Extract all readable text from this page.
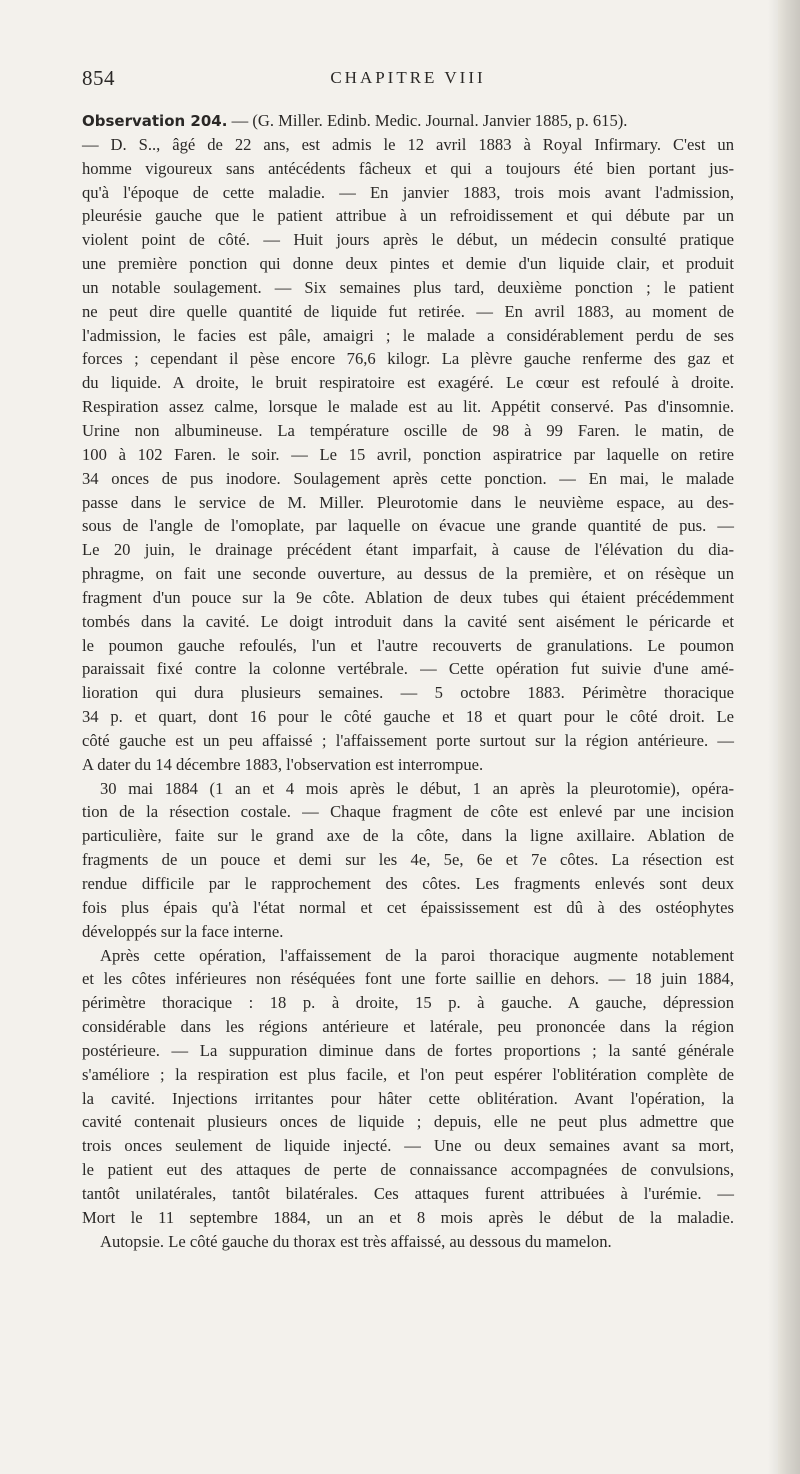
854	CHAPITRE VIII
Observation 204. — (G. Miller. Edinb. Medic. Journal. Janvier 1885, p. 615).
— D. S.., âgé de 22 ans, est admis le 12 avril 1883 à Royal Infirmary. C'est un
homme vigoureux sans antécédents fâcheux et qui a toujours été bien portant jus-
qu'à l'époque de cette maladie. — En janvier 1883, trois mois avant l'admission,
pleurésie gauche que le patient attribue à un refroidissement et qui débute par un
violent point de côté. — Huit jours après le début, un médecin consulté pratique
une première ponction qui donne deux pintes et demie d'un liquide clair, et produit
un notable soulagement. — Six semaines plus tard, deuxième ponction ; le patient
ne peut dire quelle quantité de liquide fut retirée. — En avril 1883, au moment de
l'admission, le facies est pâle, amaigri ; le malade a considérablement perdu de ses
forces ; cependant il pèse encore 76,6 kilogr. La plèvre gauche renferme des gaz et
du liquide. A droite, le bruit respiratoire est exagéré. Le cœur est refoulé à droite.
Respiration assez calme, lorsque le malade est au lit. Appétit conservé. Pas d'insomnie.
Urine non albumineuse. La température oscille de 98 à 99 Faren. le matin, de
100 à 102 Faren. le soir. — Le 15 avril, ponction aspiratrice par laquelle on retire
34 onces de pus inodore. Soulagement après cette ponction. — En mai, le malade
passe dans le service de M. Miller. Pleurotomie dans le neuvième espace, au des-
sous de l'angle de l'omoplate, par laquelle on évacue une grande quantité de pus. —
Le 20 juin, le drainage précédent étant imparfait, à cause de l'élévation du dia-
phragme, on fait une seconde ouverture, au dessus de la première, et on résèque un
fragment d'un pouce sur la 9e côte. Ablation de deux tubes qui étaient précédemment
tombés dans la cavité. Le doigt introduit dans la cavité sent aisément le péricarde et
le poumon gauche refoulés, l'un et l'autre recouverts de granulations. Le poumon
paraissait fixé contre la colonne vertébrale. — Cette opération fut suivie d'une amé-
lioration qui dura plusieurs semaines. — 5 octobre 1883. Périmètre thoracique
34 p. et quart, dont 16 pour le côté gauche et 18 et quart pour le côté droit. Le
côté gauche est un peu affaissé ; l'affaissement porte surtout sur la région antérieure. —
A dater du 14 décembre 1883, l'observation est interrompue.
30 mai 1884 (1 an et 4 mois après le début, 1 an après la pleurotomie), opéra-
tion de la résection costale. — Chaque fragment de côte est enlevé par une incision
particulière, faite sur le grand axe de la côte, dans la ligne axillaire. Ablation de
fragments de un pouce et demi sur les 4e, 5e, 6e et 7e côtes. La résection est
rendue difficile par le rapprochement des côtes. Les fragments enlevés sont deux
fois plus épais qu'à l'état normal et cet épaississement est dû à des ostéophytes
développés sur la face interne.
Après cette opération, l'affaissement de la paroi thoracique augmente notablement
et les côtes inférieures non réséquées font une forte saillie en dehors. — 18 juin 1884,
périmètre thoracique : 18 p. à droite, 15 p. à gauche. A gauche, dépression
considérable dans les régions antérieure et latérale, peu prononcée dans la région
postérieure. — La suppuration diminue dans de fortes proportions ; la santé générale
s'améliore ; la respiration est plus facile, et l'on peut espérer l'oblitération complète de
la cavité. Injections irritantes pour hâter cette oblitération. Avant l'opération, la
cavité contenait plusieurs onces de liquide ; depuis, elle ne peut plus admettre que
trois onces seulement de liquide injecté. — Une ou deux semaines avant sa mort,
le patient eut des attaques de perte de connaissance accompagnées de convulsions,
tantôt unilatérales, tantôt bilatérales. Ces attaques furent attribuées à l'urémie. —
Mort le 11 septembre 1884, un an et 8 mois après le début de la maladie.
Autopsie. Le côté gauche du thorax est très affaissé, au dessous du mamelon.
